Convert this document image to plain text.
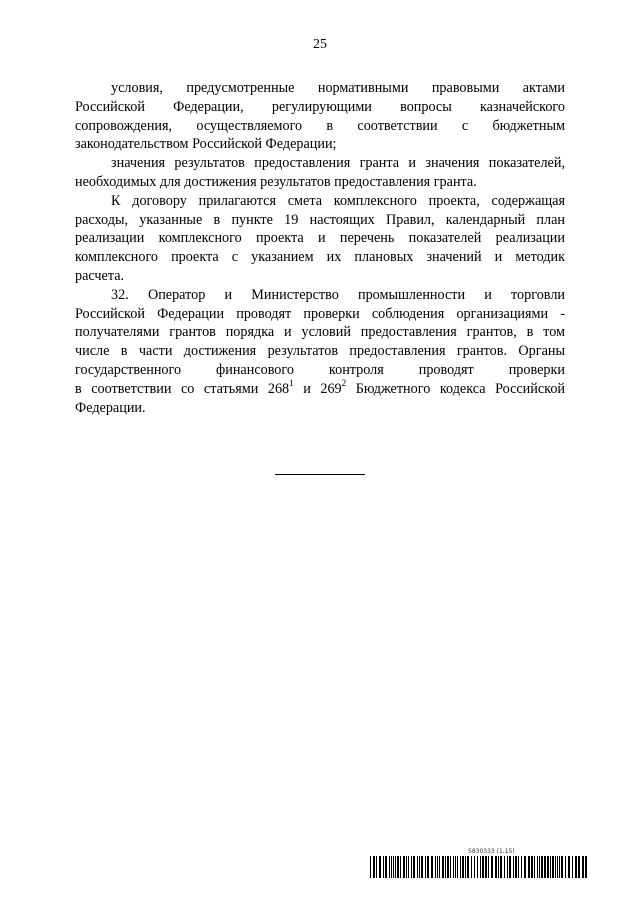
25
условия, предусмотренные нормативными правовыми актами
Российской Федерации, регулирующими вопросы казначейского
сопровождения, осуществляемого в соответствии с бюджетным
законодательством Российской Федерации;
значения результатов предоставления гранта и значения показателей,
необходимых для достижения результатов предоставления гранта.
К договору прилагаются смета комплексного проекта, содержащая
расходы, указанные в пункте 19 настоящих Правил, календарный план
реализации комплексного проекта и перечень показателей реализации
комплексного проекта с указанием их плановых значений и методик
расчета.
32. Оператор и Министерство промышленности и торговли
Российской Федерации проводят проверки соблюдения организациями -
получателями грантов порядка и условий предоставления грантов, в том
числе в части достижения результатов предоставления грантов. Органы
государственного финансового контроля проводят проверки
в соответствии со статьями $268^1$ и $269^2$ Бюджетного кодекса Российской
Федерации.
5830333 (1.15)
